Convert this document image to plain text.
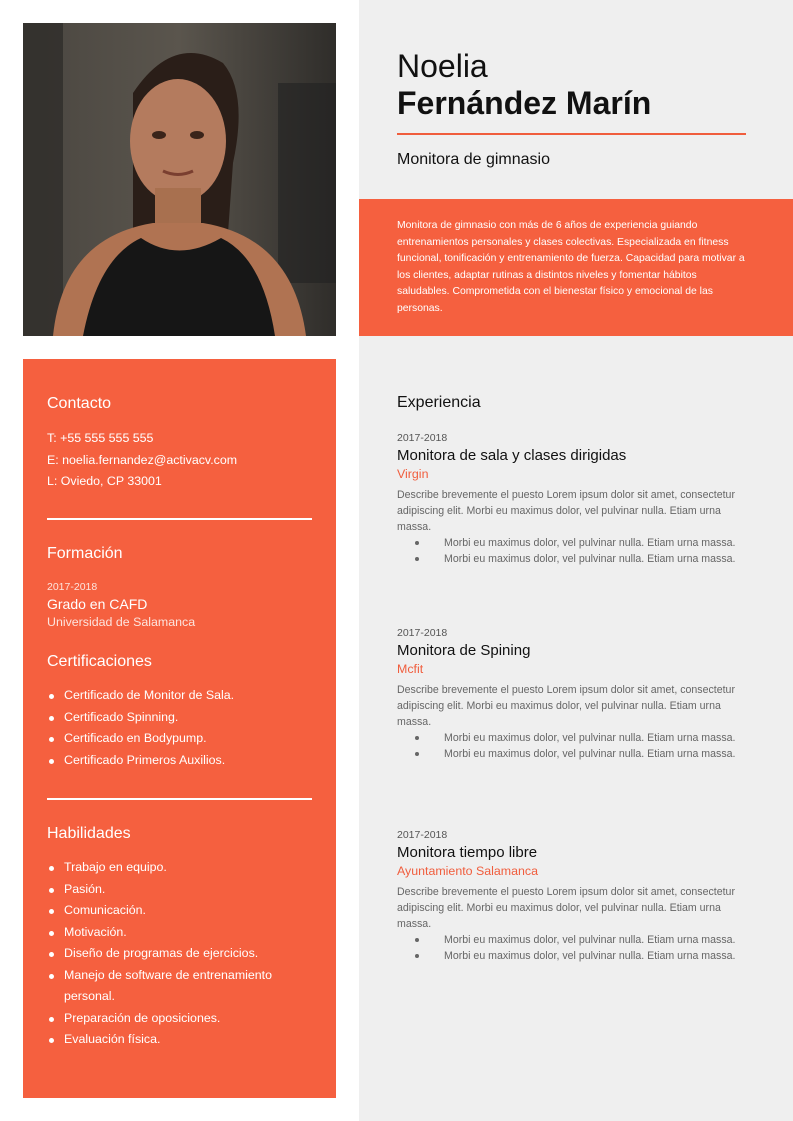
Noelia
Fernández Marín
Monitora de gimnasio
Monitora de gimnasio con más de 6 años de experiencia guiando entrenamientos personales y clases colectivas. Especializada en fitness funcional, tonificación y entrenamiento de fuerza. Capacidad para motivar a los clientes, adaptar rutinas a distintos niveles y fomentar hábitos saludables. Comprometida con el bienestar físico y emocional de las personas.
Contacto
T: +55 555 555 555
E: noelia.fernandez@activacv.com
L: Oviedo, CP 33001
Formación
2017-2018
Grado en CAFD
Universidad de Salamanca
Certificaciones
Certificado de Monitor de Sala.
Certificado Spinning.
Certificado en Bodypump.
Certificado Primeros Auxilios.
Habilidades
Trabajo en equipo.
Pasión.
Comunicación.
Motivación.
Diseño de programas de ejercicios.
Manejo de software de entrenamiento personal.
Preparación de oposiciones.
Evaluación física.
Experiencia
2017-2018
Monitora de sala y clases dirigidas
Virgin
Describe brevemente el puesto Lorem ipsum dolor sit amet, consectetur adipiscing elit. Morbi eu maximus dolor, vel pulvinar nulla. Etiam urna massa.
Morbi eu maximus dolor, vel pulvinar nulla. Etiam urna massa.
Morbi eu maximus dolor, vel pulvinar nulla. Etiam urna massa.
2017-2018
Monitora de Spining
Mcfit
Describe brevemente el puesto Lorem ipsum dolor sit amet, consectetur adipiscing elit. Morbi eu maximus dolor, vel pulvinar nulla. Etiam urna massa.
Morbi eu maximus dolor, vel pulvinar nulla. Etiam urna massa.
Morbi eu maximus dolor, vel pulvinar nulla. Etiam urna massa.
2017-2018
Monitora tiempo libre
Ayuntamiento Salamanca
Describe brevemente el puesto Lorem ipsum dolor sit amet, consectetur adipiscing elit. Morbi eu maximus dolor, vel pulvinar nulla. Etiam urna massa.
Morbi eu maximus dolor, vel pulvinar nulla. Etiam urna massa.
Morbi eu maximus dolor, vel pulvinar nulla. Etiam urna massa.
